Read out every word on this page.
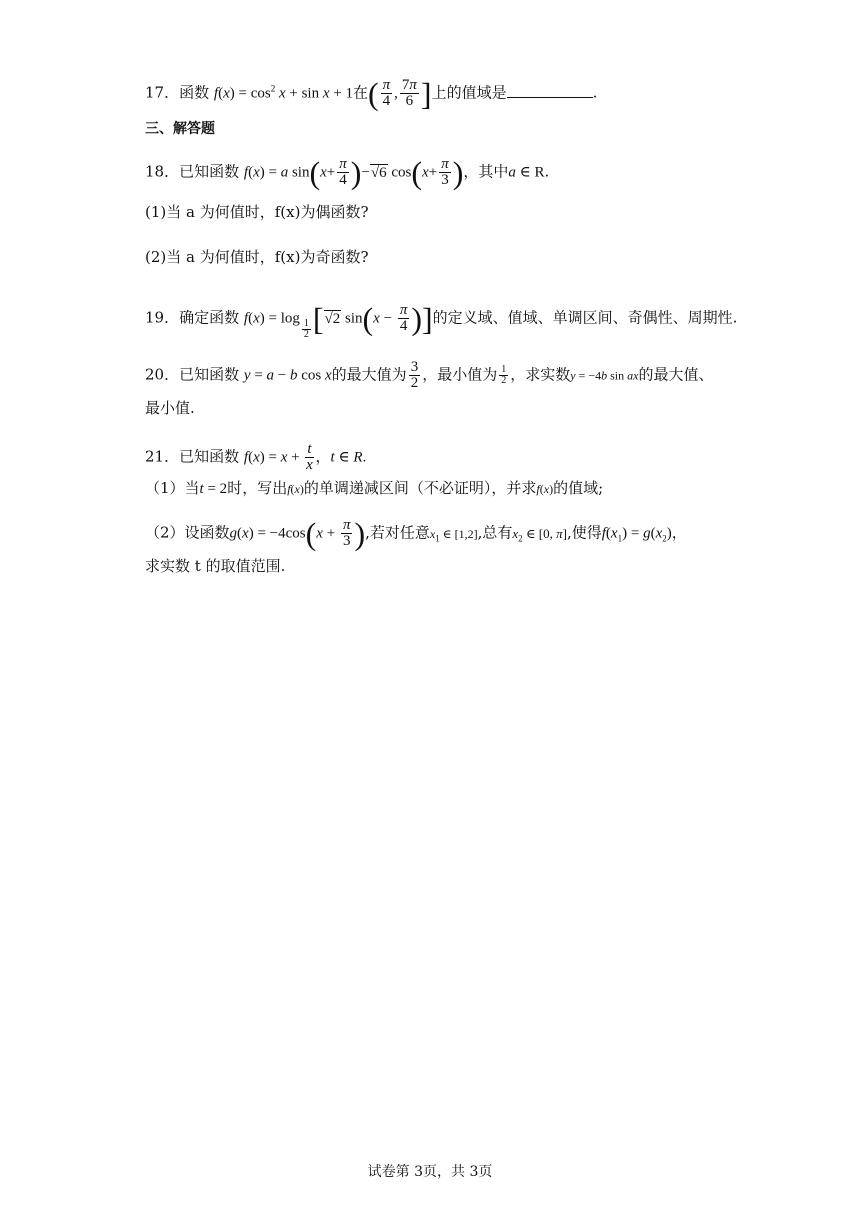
17．函数 $f(x) = \cos^2 x + \sin x + 1$在( $\frac{\pi}{4}$ , $\frac{7\pi}{6}$ ]上的值域是	.
三、解答题
18．已知函数 f(x) = a $\sin(x+ \frac{\pi}{4} )-√6$ $\cos(x+ \frac{\pi}{3}$ )，其中a ∈ R.
(1)当 a 为何值时，f(x)为偶函数?
(2)当 a 为何值时，f(x)为奇函数?
19．确定函数 $f(x) = \log \frac{1}{2} [√2$ $\sin(x - \frac{\pi}{4}$ )]的定义域、值域、单调区间、奇偶性、周期性.
20．已知函数 y = a − b cos x的最大值为 $\frac{3}{2}$ ，最小值为 $\frac{1}{2}$ ，求实数y = −4b sin ax的最大值、
最小值.
21．已知函数 $f(x) = x + \frac{t}{x}$ ，t ∈ R.
（1）当t = 2时，写出f(x)的单调递减区间（不必证明），并求f(x)的值域;
（2）设函数$g(x) = -4\cos(x + \frac{\pi}{3}$ ),若对任意$x_1$ ∈ [1,2],总有$x_2$ ∈ [0, π],使得$f(x_1) = g(x_2)$，
求实数 t 的取值范围.
试卷第 3页，共 3页
